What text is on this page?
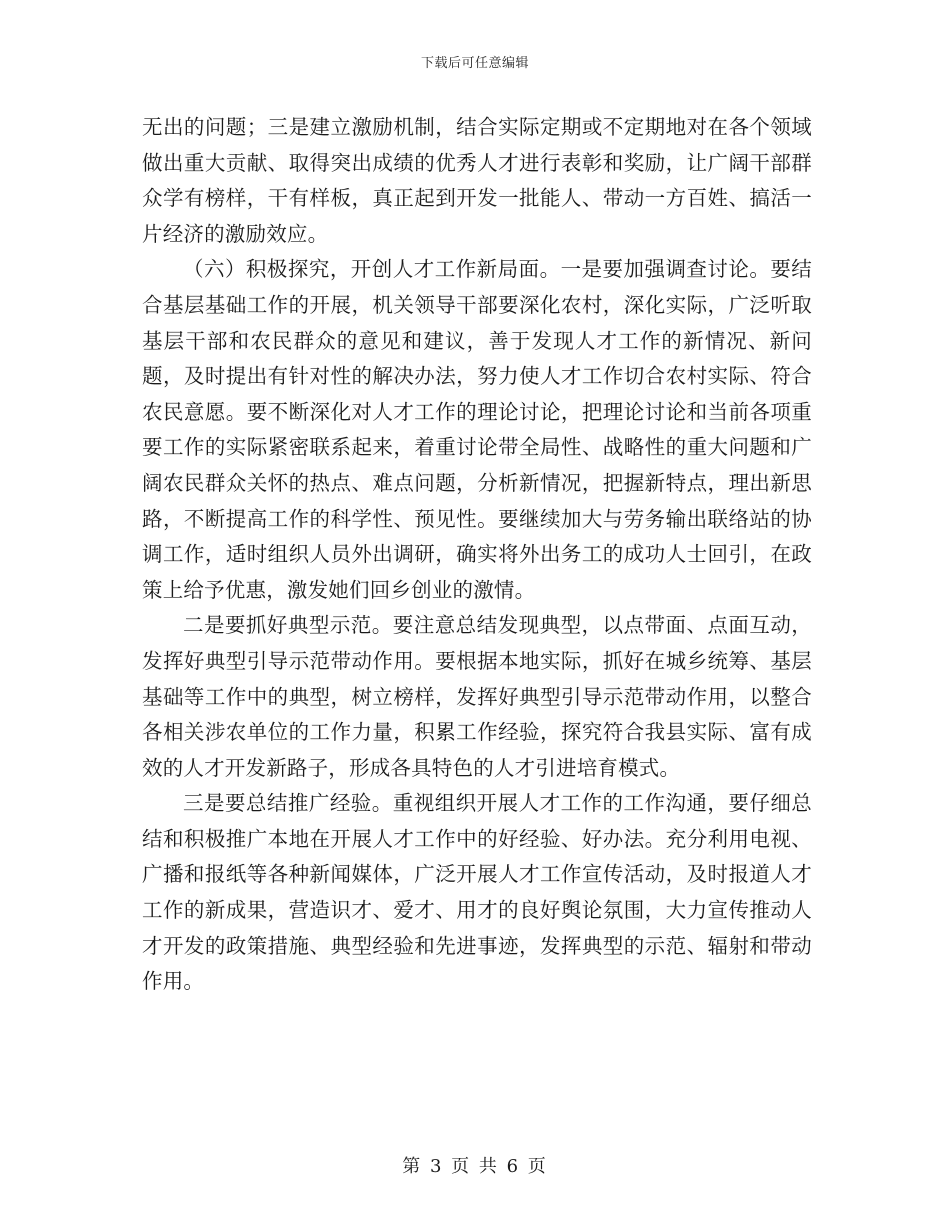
下载后可任意编辑

无出的问题；三是建立激励机制，结合实际定期或不定期地对在各个领域做出重大贡献、取得突出成绩的优秀人才进行表彰和奖励，让广阔干部群众学有榜样，干有样板，真正起到开发一批能人、带动一方百姓、搞活一片经济的激励效应。

（六）积极探究，开创人才工作新局面。一是要加强调查讨论。要结合基层基础工作的开展，机关领导干部要深化农村，深化实际，广泛听取基层干部和农民群众的意见和建议，善于发现人才工作的新情况、新问题，及时提出有针对性的解决办法，努力使人才工作切合农村实际、符合农民意愿。要不断深化对人才工作的理论讨论，把理论讨论和当前各项重要工作的实际紧密联系起来，着重讨论带全局性、战略性的重大问题和广阔农民群众关怀的热点、难点问题，分析新情况，把握新特点，理出新思路，不断提高工作的科学性、预见性。要继续加大与劳务输出联络站的协调工作，适时组织人员外出调研，确实将外出务工的成功人士回引，在政策上给予优惠，激发她们回乡创业的激情。

二是要抓好典型示范。要注意总结发现典型，以点带面、点面互动，发挥好典型引导示范带动作用。要根据本地实际，抓好在城乡统筹、基层基础等工作中的典型，树立榜样，发挥好典型引导示范带动作用，以整合各相关涉农单位的工作力量，积累工作经验，探究符合我县实际、富有成效的人才开发新路子，形成各具特色的人才引进培育模式。

三是要总结推广经验。重视组织开展人才工作的工作沟通，要仔细总结和积极推广本地在开展人才工作中的好经验、好办法。充分利用电视、广播和报纸等各种新闻媒体，广泛开展人才工作宣传活动，及时报道人才工作的新成果，营造识才、爱才、用才的良好舆论氛围，大力宣传推动人才开发的政策措施、典型经验和先进事迹，发挥典型的示范、辐射和带动作用。

第 3 页 共 6 页
